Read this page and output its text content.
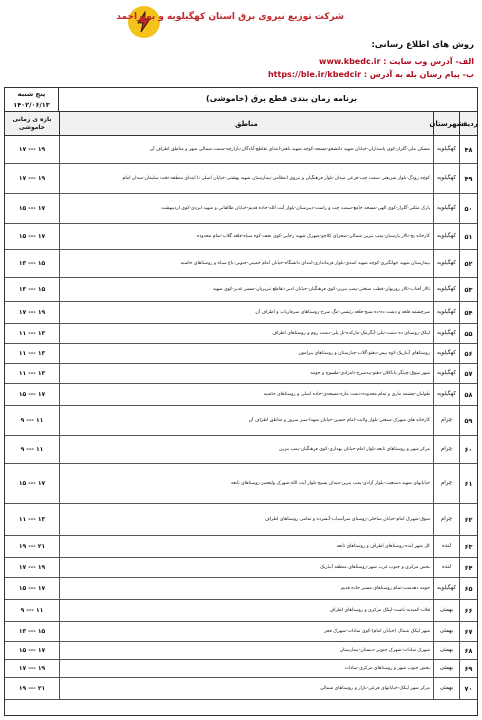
شرکت توزیع نیروی برق استان کهگیلویه و بویراحمد
روش های اطلاع رسانی:
الف- آدرس وب سایت : www.kbedc.ir
ب- پیام رسان بله به آدرس : https://ble.ir/kbedcir
پنج شنبه
۱۴۰۲/۰۶/۱۳
برنامه زمان بندی قطع برق (خاموشی)
ردیف
شهرستان
مناطق
بازه ی زمانی خاموشی
۴۸
کهگیلویه
مسکن ملی-گلزار-کوی پاسداران-خیابان شهید دانشجو-مسجد-کوچه شهید باهنر-ابتدای تقاطع-آبادگان-بازارچه-سمت شمالی شهر و مناطق اطراف آن
۱۹ --- ۱۷
۴۹
کهگیلویه
کوچه رودگ-بلوار شریعتی سمت چپ-فرعی میدان-بلوار فرهنگیان و نیروی انتظامی-بیمارستان شهید بهشتی-خیابان اصلی تا ابتدای منطقه-تخت سلیمان-میدان امام
۱۹ --- ۱۷
۵۰
کهگیلویه
پارک مثلثی-گلزار-کوی الهی-مسجد جامع-سمت چپ و راست-دبیرستان-بلوار آیت الله-جاده قدیم-خیابان طالقانی و شهید ایزدی-کوی اردیبهشت
۱۷ --- ۱۵
۵۱
کهگیلویه
کارخانه یخ-تالار پارسیان-پمپ بنزین شمالی-صحرای کلاچو-شهرک شهید رجایی-کوی نجف-کوه سیاه-قلعه گلاب-تمام محدوده
۱۷ --- ۱۵
۵۲
کهگیلویه
بیمارستان شهید جهانگیری-کوچه شهید اسدی-بلوار فرمانداری-ابتدای دانشگاه-خیابان امام خمینی-جنوبی-باغ سیاه و روستاهای حاشیه
۱۵ --- ۱۳
۵۳
کهگیلویه
تالار آفتاب-تالار روزبهان-قطب صنعتی-پمپ بنزین-کوی فرهنگیان-خیابان ادبی-تقاطع تبریزیان-مسیر غدیر-کوی شهید
۱۵ --- ۱۳
۵۴
کهگیلویه
سرچشمه قلعه و دشت ده-ده شیخ-قلعه رئیسی-تنگ سرخ-روستاهای سرفاریاب و اطراف آن
۱۹ --- ۱۷
۵۵
کهگیلویه
لیکک-روستای ده دشت-نیلی-آبگرمک-مارکده-تل پلی-دشت روم و روستاهای اطراف
۱۳ --- ۱۱
۵۶
کهگیلویه
روستاهای آبباریک-کوه بیش-دهنو-گلاب-چنارستان و روستاهای پیرامون
۱۳ --- ۱۱
۵۷
کهگیلویه
شهر سوق-چیتگر-باباکلان-دهنو-بیدسرخ-تامرادی-طسوج و حومه
۱۳ --- ۱۱
۵۸
کهگیلویه
طولیان-چشمه ماری و تمام محدوده-دشت مازه-مسجدی-جاده اصلی و روستاهای حاشیه
۱۷ --- ۱۵
۵۹
چرام
کارخانه های شهرک صنعتی-بلوار ولایت-امام حسین-خیابان شهدا-سبز سرور و مناطق اطراف آن
۱۱ --- ۹
۶۰
چرام
مرکز شهر و روستاهای تابعه-بلوار امام-خیابان بهداری-کوی فرهنگیان-پمپ بنزین
۱۱ --- ۹
۶۱
چرام
خیابانهای شهید دستغیب-بلوار آزادی-پمپ بنزین-میدان بسیج-بلوار آیت الله-شهرک ولیعصر-روستاهای تابعه
۱۷ --- ۱۵
۶۲
چرام
سوق-شهرک امام-خیابان ساحلی-روستای سرآسیاب-آبسرده و تمامی روستاهای اطراف
۱۳ --- ۱۱
۶۳
لنده
کل شهر لنده-روستاهای اطراف و روستاهای تابعه
۲۱ --- ۱۹
۶۴
لنده
بخش مرکزی و جنوب غرب شهر-روستاهای منطقه آبباریک
۱۹ --- ۱۷
۶۵
کهگیلویه
حومه دهدشت-تمام روستاهای مسیر جاده قدیم
۱۷ --- ۱۵
۶۶
بهمئی
قلات-کمبدیه-باشت-لیکک مرکزی و روستاهای اطراف
۱۱ --- ۹
۶۷
بهمئی
شهر لیکک شمال (خیابان امام)-کوی سادات-شهرک فجر
۱۵ --- ۱۳
۶۸
بهمئی
شهرک سادات-شهرک جنوبی-دبستان-بیمارستان
۱۷ --- ۱۵
۶۹
بهمئی
بخش جنوب شهر و روستاهای مرکزی-سادات
۱۹ --- ۱۷
۷۰
بهمئی
مرکز شهر لیکک-خیابانهای فرعی-بازار و روستاهای شمالی
۲۱ --- ۱۹
